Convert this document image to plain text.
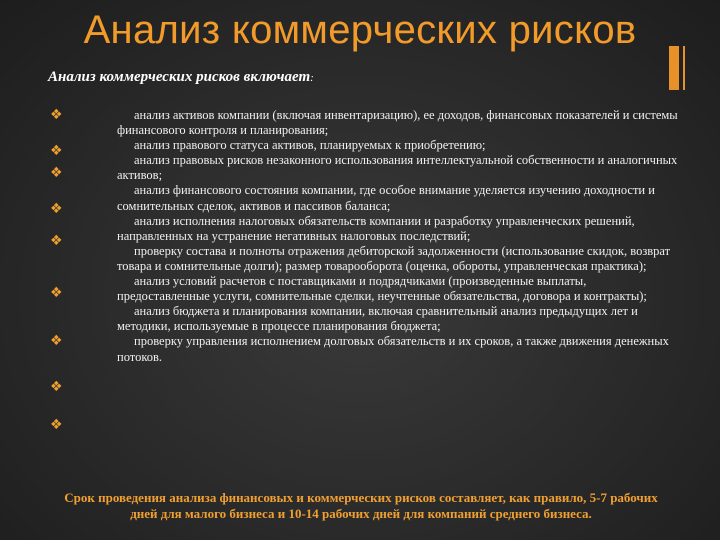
Анализ коммерческих рисков
Анализ коммерческих рисков включает:
❖
❖
❖
❖
❖
❖
❖
❖
❖

анализ активов компании (включая инвентаризацию), ее доходов, финансовых показателей и системы финансового контроля и планирования;

анализ правового статуса активов, планируемых к приобретению;

анализ правовых рисков незаконного использования интеллектуальной собственности и аналогичных активов;

анализ финансового состояния компании, где особое внимание уделяется изучению доходности и сомнительных сделок, активов и пассивов баланса;

анализ исполнения налоговых обязательств компании и разработку управленческих решений, направленных на устранение негативных налоговых последствий;

проверку состава и полноты отражения дебиторской задолженности (использование скидок, возврат товара и сомнительные долги); размер товарооборота (оценка, обороты, управленческая практика);

анализ условий расчетов с поставщиками и подрядчиками (произведенные выплаты, предоставленные услуги, сомнительные сделки, неучтенные обязательства, договора и контракты);

анализ бюджета и планирования компании, включая сравнительный анализ предыдущих лет и методики, используемые в процессе планирования бюджета;

проверку управления исполнением долговых обязательств и их сроков, а также движения денежных потоков.

Срок проведения анализа финансовых и коммерческих рисков составляет, как правило, 5-7 рабочих дней для малого бизнеса и 10-14 рабочих дней для компаний среднего бизнеса.
